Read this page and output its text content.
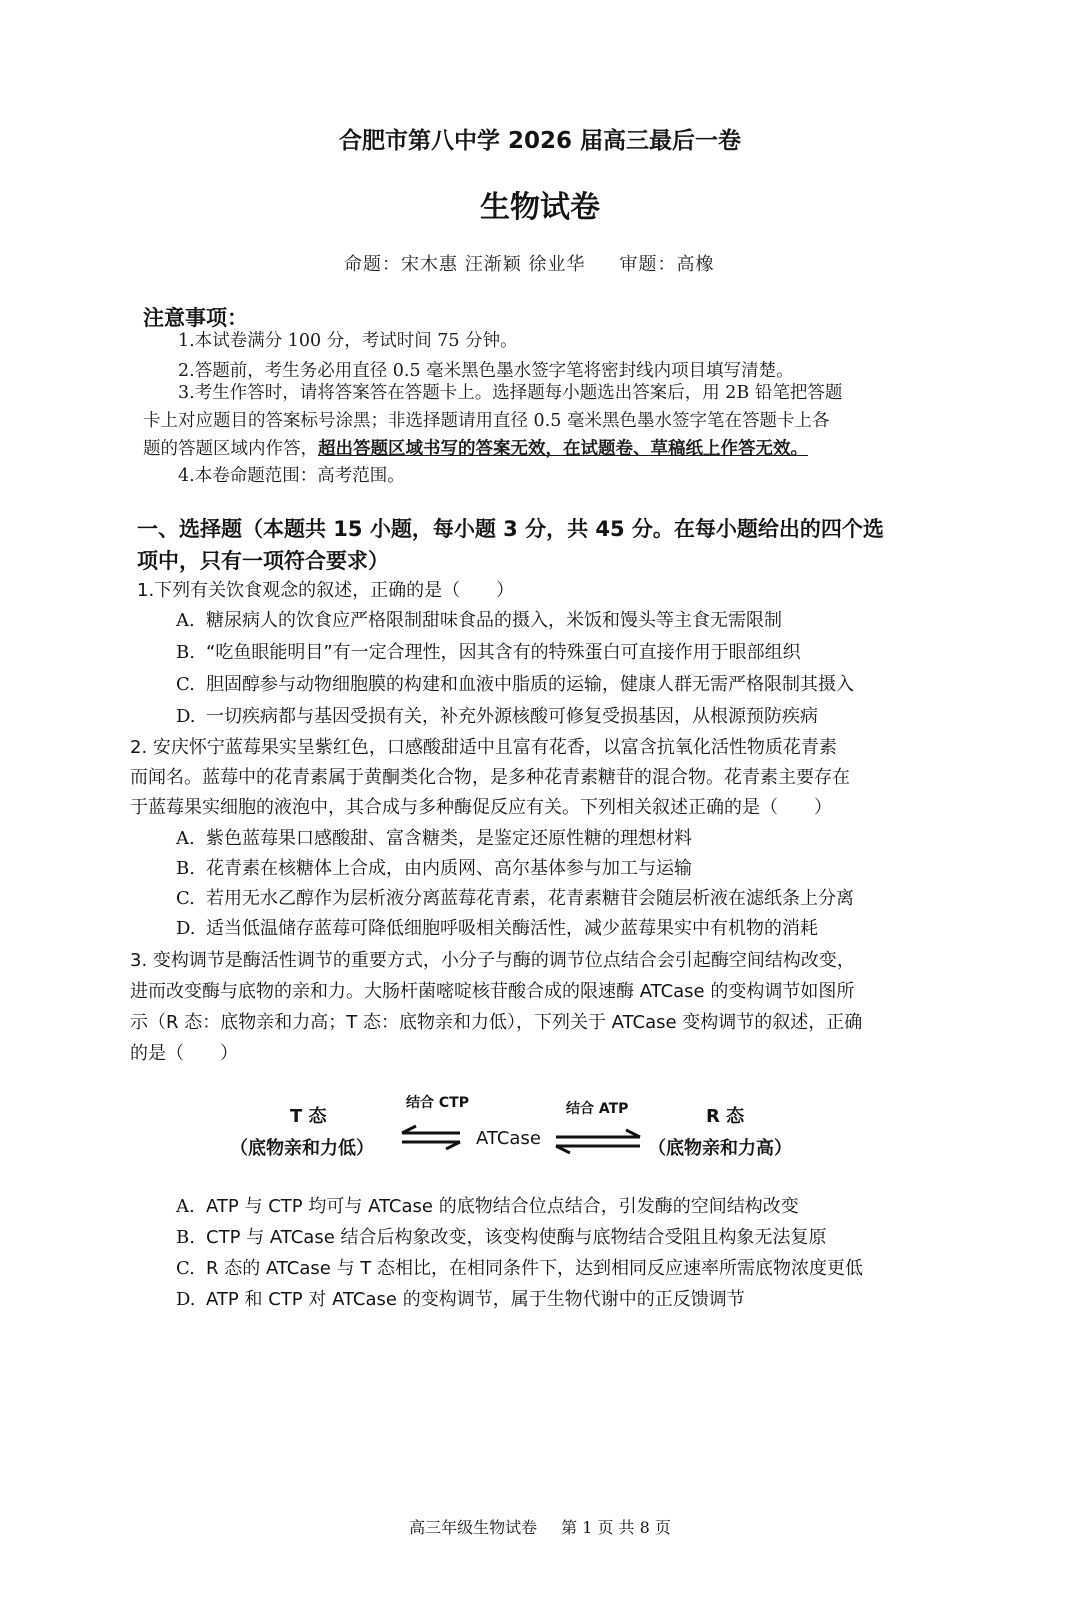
合肥市第八中学 2026 届高三最后一卷
生物试卷
命题：宋木惠 汪渐颖 徐业华 审题：高橡
注意事项：
1.本试卷满分 100 分，考试时间 75 分钟。
2.答题前，考生务必用直径 0.5 毫米黑色墨水签字笔将密封线内项目填写清楚。
3.考生作答时，请将答案答在答题卡上。选择题每小题选出答案后，用 2B 铅笔把答题
卡上对应题目的答案标号涂黑；非选择题请用直径 0.5 毫米黑色墨水签字笔在答题卡上各
题的答题区域内作答，超出答题区域书写的答案无效，在试题卷、草稿纸上作答无效。
4.本卷命题范围：高考范围。
一、选择题（本题共 15 小题，每小题 3 分，共 45 分。在每小题给出的四个选
项中，只有一项符合要求）
1.下列有关饮食观念的叙述，正确的是（　　）
A. 糖尿病人的饮食应严格限制甜味食品的摄入，米饭和馒头等主食无需限制
B. “吃鱼眼能明目”有一定合理性，因其含有的特殊蛋白可直接作用于眼部组织
C. 胆固醇参与动物细胞膜的构建和血液中脂质的运输，健康人群无需严格限制其摄入
D. 一切疾病都与基因受损有关，补充外源核酸可修复受损基因，从根源预防疾病
2. 安庆怀宁蓝莓果实呈紫红色，口感酸甜适中且富有花香，以富含抗氧化活性物质花青素
而闻名。蓝莓中的花青素属于黄酮类化合物，是多种花青素糖苷的混合物。花青素主要存在
于蓝莓果实细胞的液泡中，其合成与多种酶促反应有关。下列相关叙述正确的是（　　）
A. 紫色蓝莓果口感酸甜、富含糖类，是鉴定还原性糖的理想材料
B. 花青素在核糖体上合成，由内质网、高尔基体参与加工与运输
C. 若用无水乙醇作为层析液分离蓝莓花青素，花青素糖苷会随层析液在滤纸条上分离
D. 适当低温储存蓝莓可降低细胞呼吸相关酶活性，减少蓝莓果实中有机物的消耗
3. 变构调节是酶活性调节的重要方式，小分子与酶的调节位点结合会引起酶空间结构改变，
进而改变酶与底物的亲和力。大肠杆菌嘧啶核苷酸合成的限速酶 ATCase 的变构调节如图所
示（R 态：底物亲和力高；T 态：底物亲和力低），下列关于 ATCase 变构调节的叙述，正确
的是（　　）
T 态
（底物亲和力低）
结合 CTP
ATCase
结合 ATP	R 态
（底物亲和力高）
A. ATP 与 CTP 均可与 ATCase 的底物结合位点结合，引发酶的空间结构改变
B. CTP 与 ATCase 结合后构象改变，该变构使酶与底物结合受阻且构象无法复原
C. R 态的 ATCase 与 T 态相比，在相同条件下，达到相同反应速率所需底物浓度更低
D. ATP 和 CTP 对 ATCase 的变构调节，属于生物代谢中的正反馈调节
高三年级生物试卷 第 1 页 共 8 页
